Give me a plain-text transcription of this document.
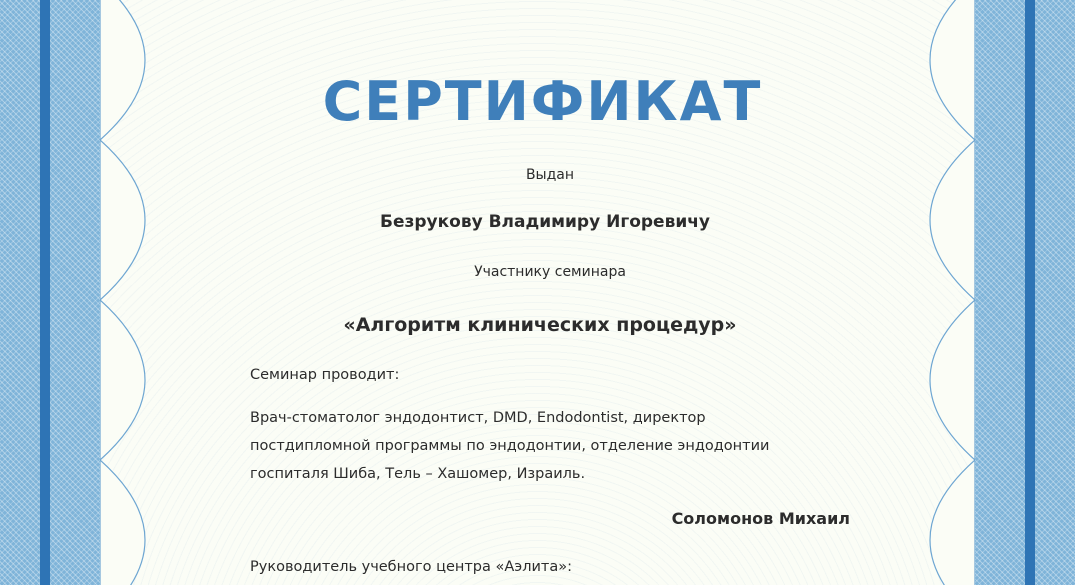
СЕРТИФИКАТ
Выдан
Безрукову Владимиру Игоревичу
Участнику семинара
«Алгоритм клинических процедур»
Семинар проводит:
Врач-стоматолог эндодонтист, DMD, Endodontist, директор
постдипломной программы по эндодонтии, отделение эндодонтии
госпиталя Шиба, Тель – Хашомер, Израиль.
Соломонов Михаил
Руководитель учебного центра «Аэлита»:
